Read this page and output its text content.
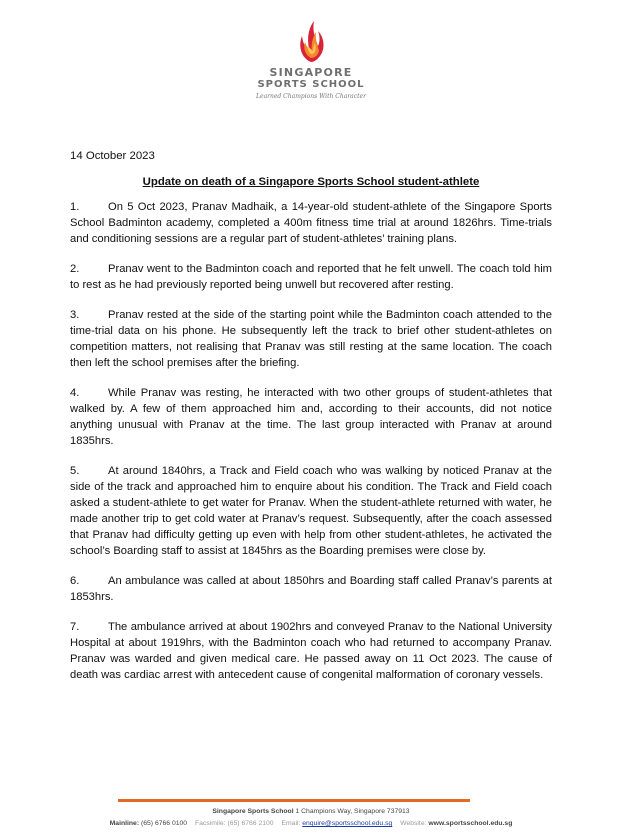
SINGAPORE
SPORTS SCHOOL
Learned Champions With Character
14 October 2023
Update on death of a Singapore Sports School student-athlete

1.	On 5 Oct 2023, Pranav Madhaik, a 14-year-old student-athlete of the Singapore Sports School Badminton academy, completed a 400m fitness time trial at around 1826hrs. Time-trials and conditioning sessions are a regular part of student-athletes’ training plans.

2.	Pranav went to the Badminton coach and reported that he felt unwell. The coach told him to rest as he had previously reported being unwell but recovered after resting.

3.	Pranav rested at the side of the starting point while the Badminton coach attended to the time-trial data on his phone. He subsequently left the track to brief other student-athletes on competition matters, not realising that Pranav was still resting at the same location. The coach then left the school premises after the briefing.

4.	While Pranav was resting, he interacted with two other groups of student-athletes that walked by. A few of them approached him and, according to their accounts, did not notice anything unusual with Pranav at the time. The last group interacted with Pranav at around 1835hrs.

5.	At around 1840hrs, a Track and Field coach who was walking by noticed Pranav at the side of the track and approached him to enquire about his condition. The Track and Field coach asked a student-athlete to get water for Pranav. When the student-athlete returned with water, he made another trip to get cold water at Pranav’s request. Subsequently, after the coach assessed that Pranav had difficulty getting up even with help from other student-athletes, he activated the school’s Boarding staff to assist at 1845hrs as the Boarding premises were close by.

6.	An ambulance was called at about 1850hrs and Boarding staff called Pranav’s parents at 1853hrs.

7.	The ambulance arrived at about 1902hrs and conveyed Pranav to the National University Hospital at about 1919hrs, with the Badminton coach who had returned to accompany Pranav. Pranav was warded and given medical care. He passed away on 11 Oct 2023. The cause of death was cardiac arrest with antecedent cause of congenital malformation of coronary vessels.

Singapore Sports School 1 Champions Way, Singapore 737913
Mainline: (65) 6766 0100 Facsimile: (65) 6766 2100 Email: enquire@sportsschool.edu.sg Website: www.sportsschool.edu.sg
